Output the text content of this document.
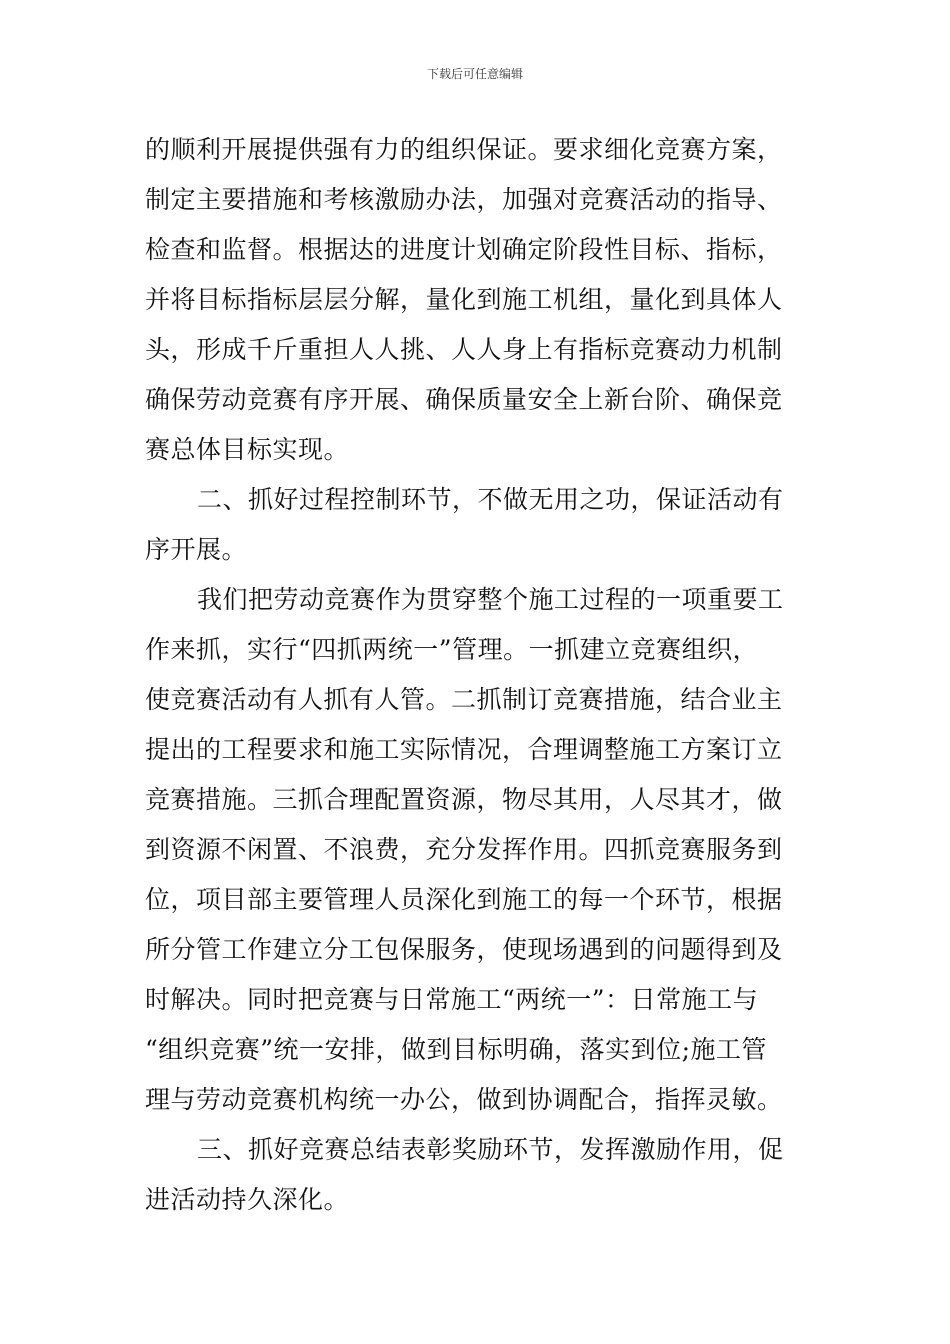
下载后可任意编辑
的顺利开展提供强有力的组织保证。要求细化竞赛方案，
制定主要措施和考核激励办法，加强对竞赛活动的指导、
检查和监督。根据达的进度计划确定阶段性目标、指标，
并将目标指标层层分解，量化到施工机组，量化到具体人
头，形成千斤重担人人挑、人人身上有指标竞赛动力机制
确保劳动竞赛有序开展、确保质量安全上新台阶、确保竞
赛总体目标实现。
二、抓好过程控制环节，不做无用之功，保证活动有
序开展。
我们把劳动竞赛作为贯穿整个施工过程的一项重要工
作来抓，实行“四抓两统一”管理。一抓建立竞赛组织，
使竞赛活动有人抓有人管。二抓制订竞赛措施，结合业主
提出的工程要求和施工实际情况，合理调整施工方案订立
竞赛措施。三抓合理配置资源，物尽其用，人尽其才，做
到资源不闲置、不浪费，充分发挥作用。四抓竞赛服务到
位，项目部主要管理人员深化到施工的每一个环节，根据
所分管工作建立分工包保服务，使现场遇到的问题得到及
时解决。同时把竞赛与日常施工“两统一”：日常施工与
“组织竞赛”统一安排，做到目标明确，落实到位;施工管
理与劳动竞赛机构统一办公，做到协调配合，指挥灵敏。
三、抓好竞赛总结表彰奖励环节，发挥激励作用，促
进活动持久深化。
